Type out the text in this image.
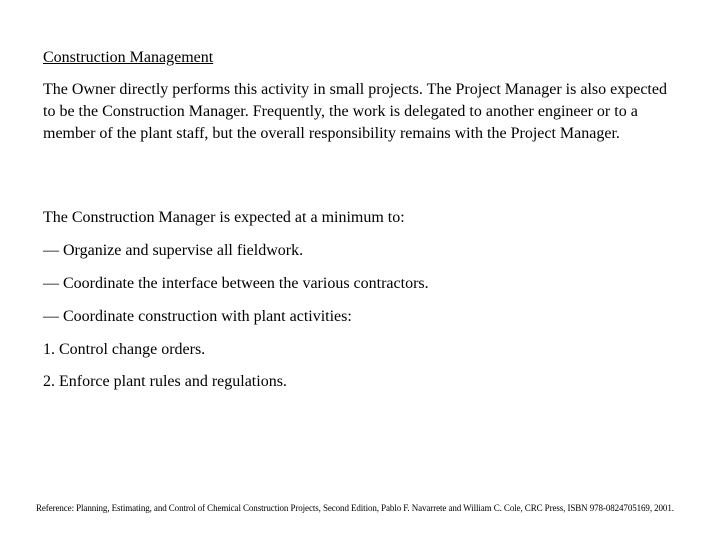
Construction Management
The Owner directly performs this activity in small projects. The Project Manager is also expected to be the Construction Manager. Frequently, the work is delegated to another engineer or to a member of the plant staff, but the overall responsibility remains with the Project Manager.
The Construction Manager is expected at a minimum to:
— Organize and supervise all fieldwork.
— Coordinate the interface between the various contractors.
— Coordinate construction with plant activities:
1. Control change orders.
2. Enforce plant rules and regulations.
Reference: Planning, Estimating, and Control of Chemical Construction Projects, Second Edition, Pablo F. Navarrete and William C. Cole, CRC Press, ISBN 978-0824705169, 2001.
